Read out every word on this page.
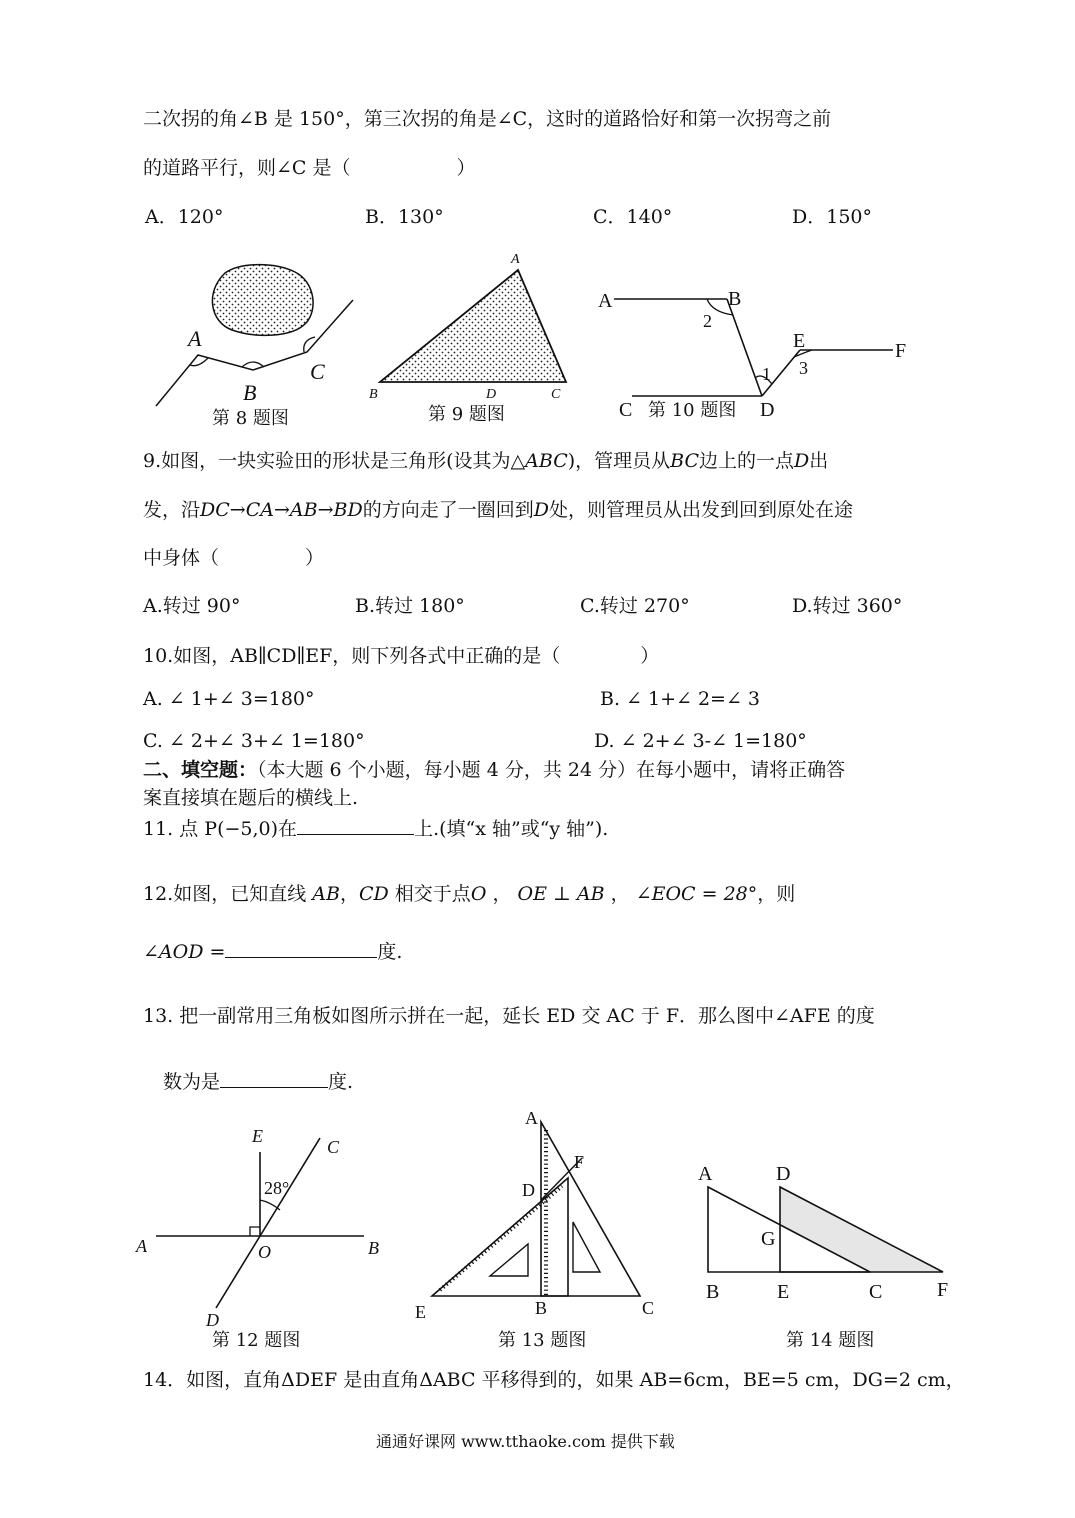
二次拐的角∠B 是 150°，第三次拐的角是∠C，这时的道路恰好和第一次拐弯之前
的道路平行，则∠C 是（	）
A．120°	B．130°	C．140°	D．150°
A
B
C
A
B	D	C
A	B
2
E	F
3
1
C	D
第 8 题图	第 9 题图	第 10 题图
9.如图，一块实验田的形状是三角形(设其为△ABC)，管理员从BC边上的一点D出
发，沿DC→CA→AB→BD的方向走了一圈回到D处，则管理员从出发到回到原处在途
中身体（	）
A.转过 90°	B.转过 180°	C.转过 270°	D.转过 360°
10.如图，AB∥CD∥EF，则下列各式中正确的是（	）
A. ∠ 1+∠ 3=180°	B. ∠ 1+∠ 2=∠ 3
C. ∠ 2+∠ 3+∠ 1=180°	D. ∠ 2+∠ 3-∠ 1=180°
二、填空题：（本大题 6 个小题，每小题 4 分，共 24 分）在每小题中，请将正确答
案直接填在题后的横线上.
11. 点 P(−5,0)在	上.(填“x 轴”或“y 轴”).
12.如图，已知直线 AB，CD 相交于点O ， OE ⊥ AB ， ∠EOC = 28°，则
∠AOD =	度.
13. 把一副常用三角板如图所示拼在一起，延长 ED 交 AC 于 F．那么图中∠AFE 的度
数为是	度.
E
C
28°
A	O	B
D
A
F
D
E	B	C
A	D
G
B	E	C	F
第 12 题图	第 13 题图	第 14 题图
14．如图，直角ΔDEF 是由直角ΔABC 平移得到的，如果 AB=6cm，BE=5 cm，DG=2 cm，
通通好课网 www.tthaoke.com 提供下载
